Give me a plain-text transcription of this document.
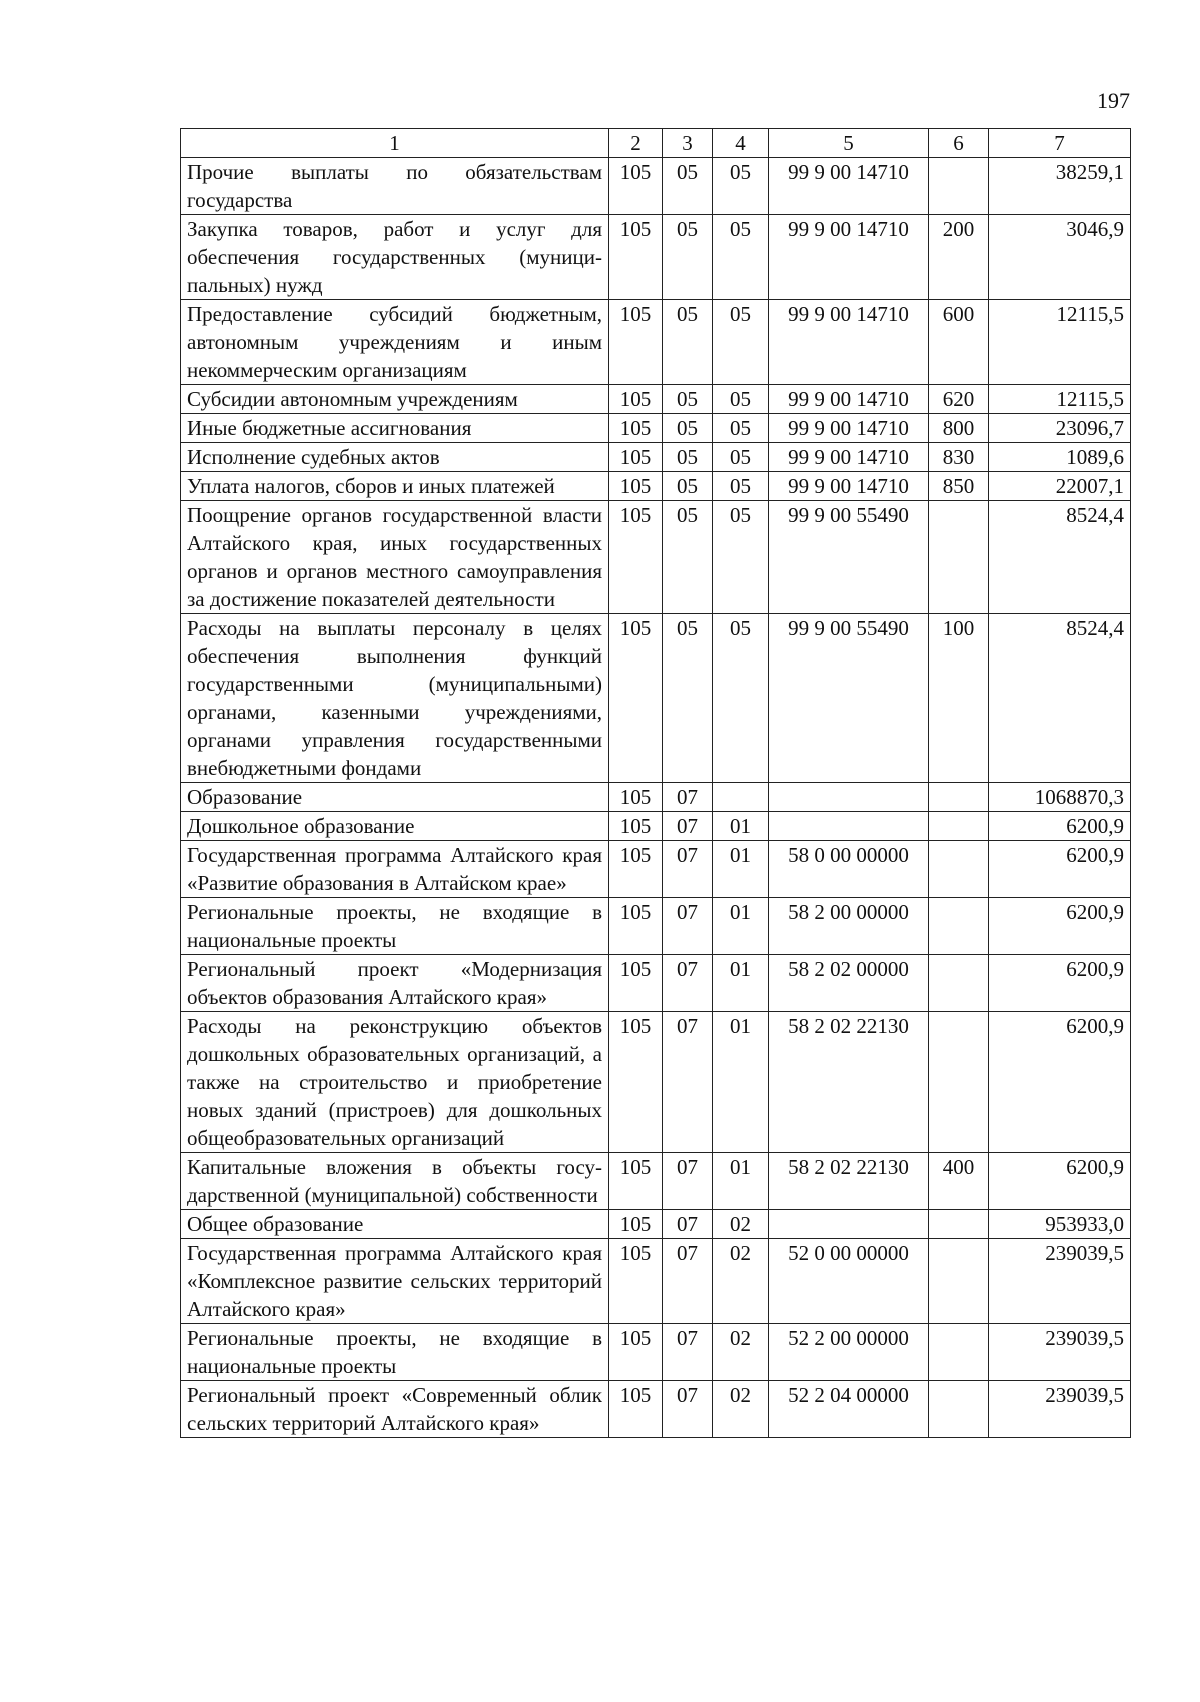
197
1	2	3	4	5	6	7
Прочие выплаты по обязательствам государства	105	05	05	99 9 00 14710		38259,1
Закупка товаров, работ и услуг для обеспечения государственных (муниципальных) нужд	105	05	05	99 9 00 14710	200	3046,9
Предоставление субсидий бюджетным, автономным учреждениям и иным некоммерческим организациям	105	05	05	99 9 00 14710	600	12115,5
Субсидии автономным учреждениям	105	05	05	99 9 00 14710	620	12115,5
Иные бюджетные ассигнования	105	05	05	99 9 00 14710	800	23096,7
Исполнение судебных актов	105	05	05	99 9 00 14710	830	1089,6
Уплата налогов, сборов и иных платежей	105	05	05	99 9 00 14710	850	22007,1
Поощрение органов государственной власти Алтайского края, иных государственных органов и органов местного самоуправления за достижение показателей деятельности	105	05	05	99 9 00 55490		8524,4
Расходы на выплаты персоналу в целях обеспечения выполнения функций государственными (муниципальными) органами, казенными учреждениями, органами управления государственными внебюджетными фондами	105	05	05	99 9 00 55490	100	8524,4
Образование	105	07				1068870,3
Дошкольное образование	105	07	01			6200,9
Государственная программа Алтайского края «Развитие образования в Алтайском крае»	105	07	01	58 0 00 00000		6200,9
Региональные проекты, не входящие в национальные проекты	105	07	01	58 2 00 00000		6200,9
Региональный проект «Модернизация объектов образования Алтайского края»	105	07	01	58 2 02 00000		6200,9
Расходы на реконструкцию объектов дошкольных образовательных организаций, а также на строительство и приобретение новых зданий (пристроев) для дошкольных общеобразовательных организаций	105	07	01	58 2 02 22130		6200,9
Капитальные вложения в объекты государственной (муниципальной) собственности	105	07	01	58 2 02 22130	400	6200,9
Общее образование	105	07	02			953933,0
Государственная программа Алтайского края «Комплексное развитие сельских территорий Алтайского края»	105	07	02	52 0 00 00000		239039,5
Региональные проекты, не входящие в национальные проекты	105	07	02	52 2 00 00000		239039,5
Региональный проект «Современный облик сельских территорий Алтайского края»	105	07	02	52 2 04 00000		239039,5
